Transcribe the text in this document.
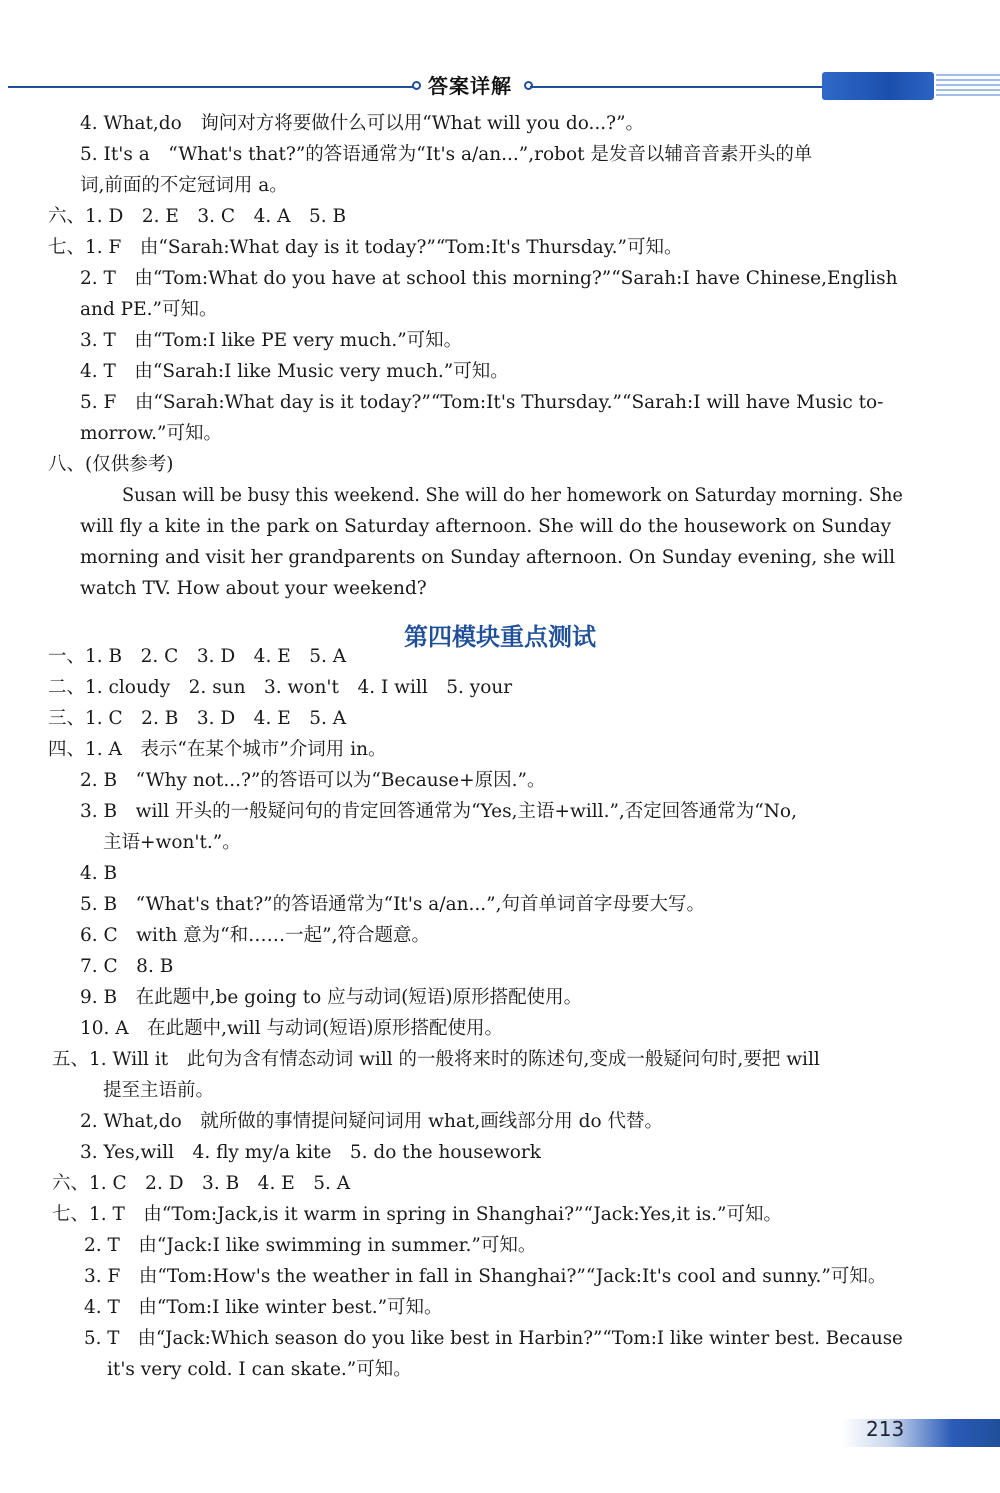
答案详解
4. What,do　询问对方将要做什么可以用“What will you do...?”。
5. It's a　“What's that?”的答语通常为“It's a/an...”,robot 是发音以辅音音素开头的单
词,前面的不定冠词用 a。
六、1. D　2. E　3. C　4. A　5. B
七、1. F　由“Sarah:What day is it today?”“Tom:It's Thursday.”可知。
2. T　由“Tom:What do you have at school this morning?”“Sarah:I have Chinese,English
and PE.”可知。
3. T　由“Tom:I like PE very much.”可知。
4. T　由“Sarah:I like Music very much.”可知。
5. F　由“Sarah:What day is it today?”“Tom:It's Thursday.”“Sarah:I will have Music to-
morrow.”可知。
八、(仅供参考)
Susan will be busy this weekend. She will do her homework on Saturday morning. She
will fly a kite in the park on Saturday afternoon. She will do the housework on Sunday
morning and visit her grandparents on Sunday afternoon. On Sunday evening, she will
watch TV. How about your weekend?
一、1. B　2. C　3. D　4. E　5. A
二、1. cloudy　2. sun　3. won't　4. I will　5. your
三、1. C　2. B　3. D　4. E　5. A
四、1. A　表示“在某个城市”介词用 in。
2. B　“Why not...?”的答语可以为“Because+原因.”。
3. B　will 开头的一般疑问句的肯定回答通常为“Yes,主语+will.”,否定回答通常为“No,
主语+won't.”。
4. B
5. B　“What's that?”的答语通常为“It's a/an...”,句首单词首字母要大写。
6. C　with 意为“和……一起”,符合题意。
7. C　8. B
9. B　在此题中,be going to 应与动词(短语)原形搭配使用。
10. A　在此题中,will 与动词(短语)原形搭配使用。
五、1. Will it　此句为含有情态动词 will 的一般将来时的陈述句,变成一般疑问句时,要把 will
提至主语前。
2. What,do　就所做的事情提问疑问词用 what,画线部分用 do 代替。
3. Yes,will　4. fly my/a kite　5. do the housework
六、1. C　2. D　3. B　4. E　5. A
七、1. T　由“Tom:Jack,is it warm in spring in Shanghai?”“Jack:Yes,it is.”可知。
2. T　由“Jack:I like swimming in summer.”可知。
3. F　由“Tom:How's the weather in fall in Shanghai?”“Jack:It's cool and sunny.”可知。
4. T　由“Tom:I like winter best.”可知。
5. T　由“Jack:Which season do you like best in Harbin?”“Tom:I like winter best. Because
it's very cold. I can skate.”可知。
第四模块重点测试
213
